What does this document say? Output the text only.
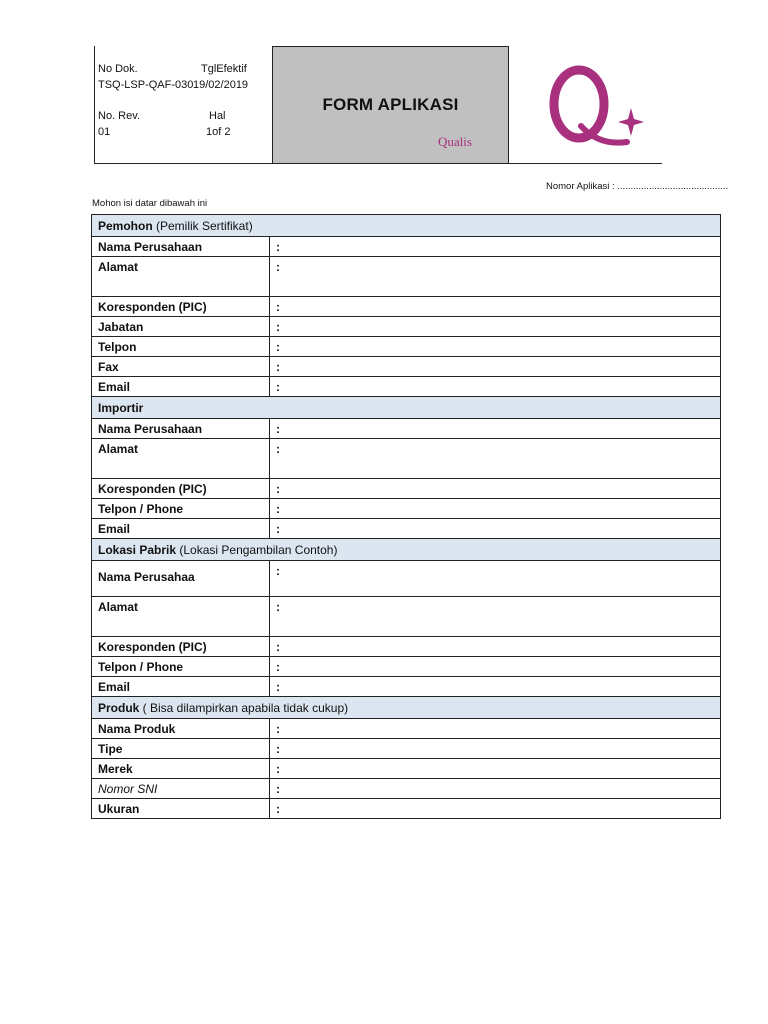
No Dok.	TglEfektif
TSQ-LSP-QAF-030 19/02/2019
No. Rev.	Hal
01	1of 2
FORM APLIKASI
Qualis
Nomor Aplikasi : ..........................................
Mohon isi datar dibawah ini
Pemohon (Pemilik Sertifikat)	
Nama Perusahaan	:
Alamat	:
Koresponden (PIC)	:
Jabatan	:
Telpon	:
Fax	:
Email	:
Importir	
Nama Perusahaan	:
Alamat	:
Koresponden (PIC)	:
Telpon / Phone	:
Email	:
Lokasi Pabrik (Lokasi Pengambilan Contoh)	
Nama Perusahaa	:
Alamat	:
Koresponden (PIC)	:
Telpon / Phone	:
Email	:
Produk ( Bisa dilampirkan apabila tidak cukup)	
Nama Produk	:
Tipe	:
Merek	:
Nomor SNI	:
Ukuran	:
